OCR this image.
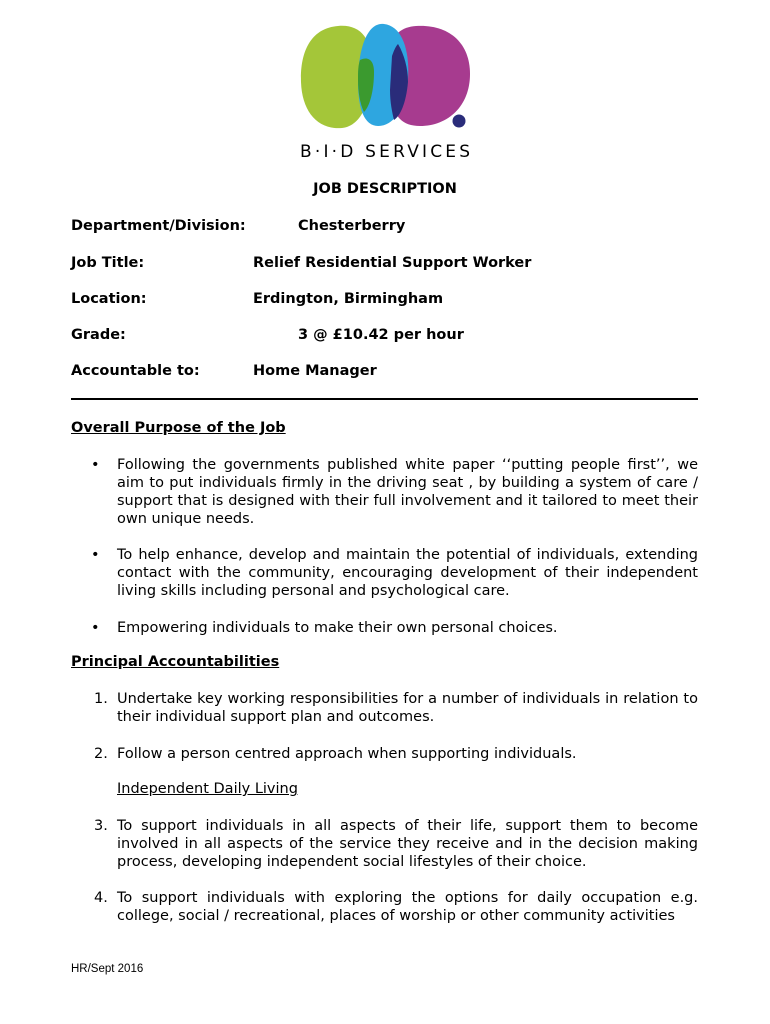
B·I·D SERVICES
JOB DESCRIPTION
Department/Division:	Chesterberry
Job Title:	Relief Residential Support Worker
Location:	Erdington, Birmingham
Grade:	3 @ £10.42 per hour
Accountable to:	Home Manager
Overall Purpose of the Job
• Following the governments published white paper ‘‘putting people first’’, we aim to put individuals firmly in the driving seat , by building a system of care / support that is designed with their full involvement and it tailored to meet their own unique needs.
• To help enhance, develop and maintain the potential of individuals, extending contact with the community, encouraging development of their independent living skills including personal and psychological care.
• Empowering individuals to make their own personal choices.
Principal Accountabilities
1. Undertake key working responsibilities for a number of individuals in relation to their individual support plan and outcomes.
2. Follow a person centred approach when supporting individuals.
Independent Daily Living
3. To support individuals in all aspects of their life, support them to become involved in all aspects of the service they receive and in the decision making process, developing independent social lifestyles of their choice.
4. To support individuals with exploring the options for daily occupation e.g. college, social / recreational, places of worship or other community activities
HR/Sept 2016
